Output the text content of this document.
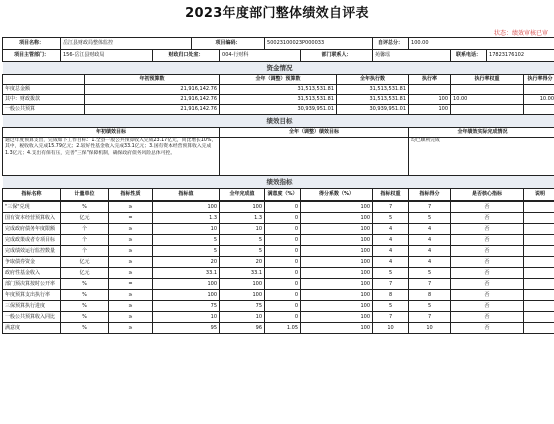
2023年度部门整体绩效自评表
状态：绩效审核已审
项目名称：	岳江县财政局整体监控				项目编码：		50023100023P000033			自评总分：	100.00			
项目主管部门：	156-岳江县财政局			财政归口处室：		004-行财科		部门联系人：		苑馨瑶		联系电话：	17823176102	
资金情况														
		年初预算数				全年（调整）预算数			全年执行数		执行率	执行率权重		执行率得分
年度总金额		21,916,142.76				31,513,531.81			31,513,531.81					
其中：财政拨款		21,916,142.76				31,513,531.81			31,513,531.81		100	10.00		10.00
一般公共预算		21,916,142.76				30,939,951.01			30,939,951.01		100			
绩效目标														
年初绩效目标						全年（调整）绩效目标					全年绩效实际完成情况			
通过年度预算支出，完成如下工作目标：1.全县一般公共预算收入完成23.17亿元，同比增长10%，其中，税收收入完成15.79亿元；2.较好性基金收入完成33.1亿元；3.国有资本经营预算收入完成1.3亿元；4.支出有保有压，完善"三保"保障机制，确保政府债务风险总体可控。											均已顺利完成			
绩效指标														
指标名称	计量单位		指标性质	指标值		全年完成值	满意度（%）	得分系数（%）		指标权重	指标得分	是否核心指标		说明
"三保"兑现	%	≥	100	100	0	100	7	7	否	
国有资本经营预算收入	亿元	=	1.3	1.3	0	100	5	5	否	
完成政府债务年度限额	个	≥	10	10	0	100	4	4	否	
完成政策或者专项目标	个	≥	5	5	0	100	4	4	否	
完成绩效运行监控数量	个	≥	5	5	0	100	4	4	否	
争取债券资金	亿元	≥	20	20	0	100	4	4	否	
政府性基金收入	亿元	≥	33.1	33.1	0	100	5	5	否	
部门预决算按时公开率	%	=	100	100	0	100	7	7	否	
年度预算支出执行率	%	≥	100	100	0	100	8	8	否	
三保预算执行进度	%	≥	75	75	0	100	5	5	否	
一般公共预算收入同比	%	≥	10	10	0	100	7	7	否	
满意度	%	≥	95	96	1.05	100	10	10	否	
